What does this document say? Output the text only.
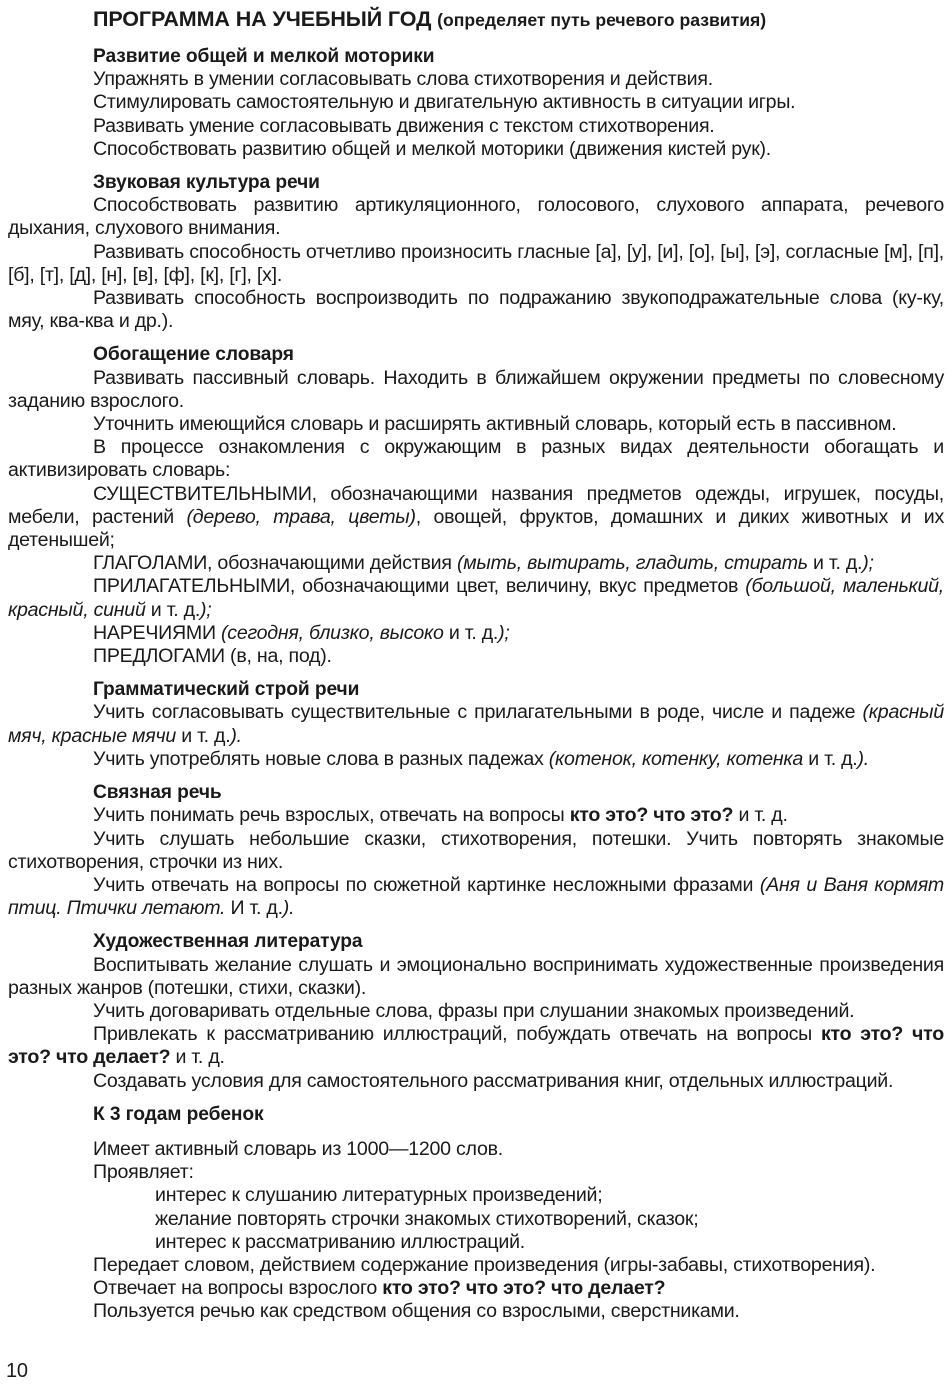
ПРОГРАММА НА УЧЕБНЫЙ ГОД (определяет путь речевого развития)
Развитие общей и мелкой моторики

Упражнять в умении согласовывать слова стихотворения и действия.

Стимулировать самостоятельную и двигательную активность в ситуации игры.

Развивать умение согласовывать движения с текстом стихотворения.

Способствовать развитию общей и мелкой моторики (движения кистей рук).

Звуковая культура речи

Способствовать развитию артикуляционного, голосового, слухового аппарата, речевого дыхания, слухового внимания.

Развивать способность отчетливо произносить гласные [а], [у], [и], [о], [ы], [э], согласные [м], [п], [б], [т], [д], [н], [в], [ф], [к], [г], [х].

Развивать способность воспроизводить по подражанию звукоподражательные слова (ку-ку, мяу, ква-ква и др.).

Обогащение словаря

Развивать пассивный словарь. Находить в ближайшем окружении предметы по словесному заданию взрослого.

Уточнить имеющийся словарь и расширять активный словарь, который есть в пассивном.

В процессе ознакомления с окружающим в разных видах деятельности обогащать и активизировать словарь:

СУЩЕСТВИТЕЛЬНЫМИ, обозначающими названия предметов одежды, игрушек, посуды, мебели, растений (дерево, трава, цветы), овощей, фруктов, домашних и диких животных и их детенышей;

ГЛАГОЛАМИ, обозначающими действия (мыть, вытирать, гладить, стирать и т. д.);

ПРИЛАГАТЕЛЬНЫМИ, обозначающими цвет, величину, вкус предметов (большой, маленький, красный, синий и т. д.);

НАРЕЧИЯМИ (сегодня, близко, высоко и т. д.);

ПРЕДЛОГАМИ (в, на, под).

Грамматический строй речи

Учить согласовывать существительные с прилагательными в роде, числе и падеже (красный мяч, красные мячи и т. д.).

Учить употреблять новые слова в разных падежах (котенок, котенку, котенка и т. д.).

Связная речь

Учить понимать речь взрослых, отвечать на вопросы кто это? что это? и т. д.

Учить слушать небольшие сказки, стихотворения, потешки. Учить повторять знакомые стихотворения, строчки из них.

Учить отвечать на вопросы по сюжетной картинке несложными фразами (Аня и Ваня кормят птиц. Птички летают. И т. д.).

Художественная литература

Воспитывать желание слушать и эмоционально воспринимать художественные произведения разных жанров (потешки, стихи, сказки).

Учить договаривать отдельные слова, фразы при слушании знакомых произведений.

Привлекать к рассматриванию иллюстраций, побуждать отвечать на вопросы кто это? что это? что делает? и т. д.

Создавать условия для самостоятельного рассматривания книг, отдельных иллюстраций.

К 3 годам ребенок

Имеет активный словарь из 1000—1200 слов.

Проявляет:

интерес к слушанию литературных произведений;

желание повторять строчки знакомых стихотворений, сказок;

интерес к рассматриванию иллюстраций.

Передает словом, действием содержание произведения (игры-забавы, стихотворения).

Отвечает на вопросы взрослого кто это? что это? что делает?

Пользуется речью как средством общения со взрослыми, сверстниками.

10
